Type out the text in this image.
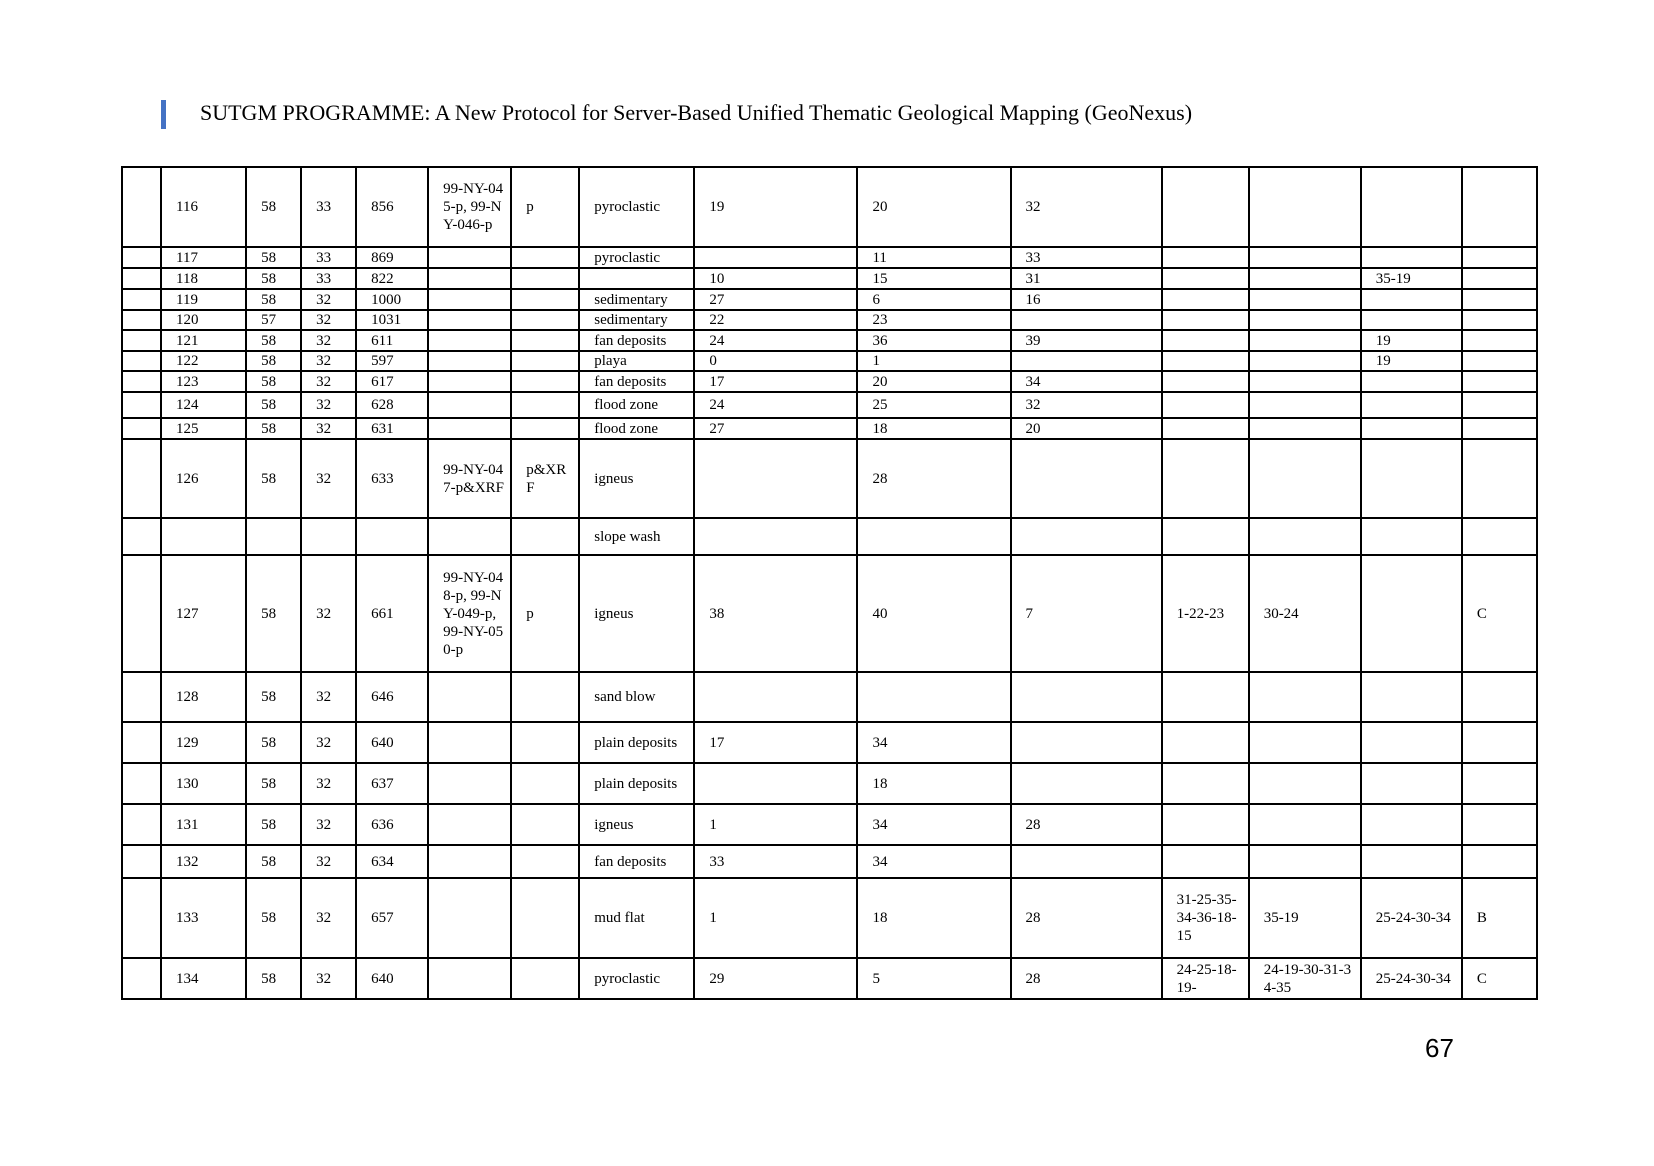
SUTGM PROGRAMME: A New Protocol for Server-Based Unified Thematic Geological Mapping (GeoNexus)
	116	58	33	856	99-NY-045-p, 99-NY-046-p	p	pyroclastic	19	20	32				
	117	58	33	869			pyroclastic		11	33				
	118	58	33	822				10	15	31			35-19	
	119	58	32	1000			sedimentary	27	6	16				
	120	57	32	1031			sedimentary	22	23					
	121	58	32	611			fan deposits	24	36	39			19	
	122	58	32	597			playa	0	1				19	
	123	58	32	617			fan deposits	17	20	34				
	124	58	32	628			flood zone	24	25	32				
	125	58	32	631			flood zone	27	18	20				
	126	58	32	633	99-NY-047-p&XRF	p&XRF	igneus		28					
							slope wash							
	127	58	32	661	99-NY-048-p, 99-NY-049-p, 99-NY-050-p	p	igneus	38	40	7	1-22-23	30-24		C
	128	58	32	646			sand blow							
	129	58	32	640			plain deposits	17	34					
	130	58	32	637			plain deposits		18					
	131	58	32	636			igneus	1	34	28				
	132	58	32	634			fan deposits	33	34					
	133	58	32	657			mud flat	1	18	28	31-25-35-34-36-18-15	35-19	25-24-30-34	B
	134	58	32	640			pyroclastic	29	5	28	24-25-18-19-	24-19-30-31-34-35	25-24-30-34	C
67
